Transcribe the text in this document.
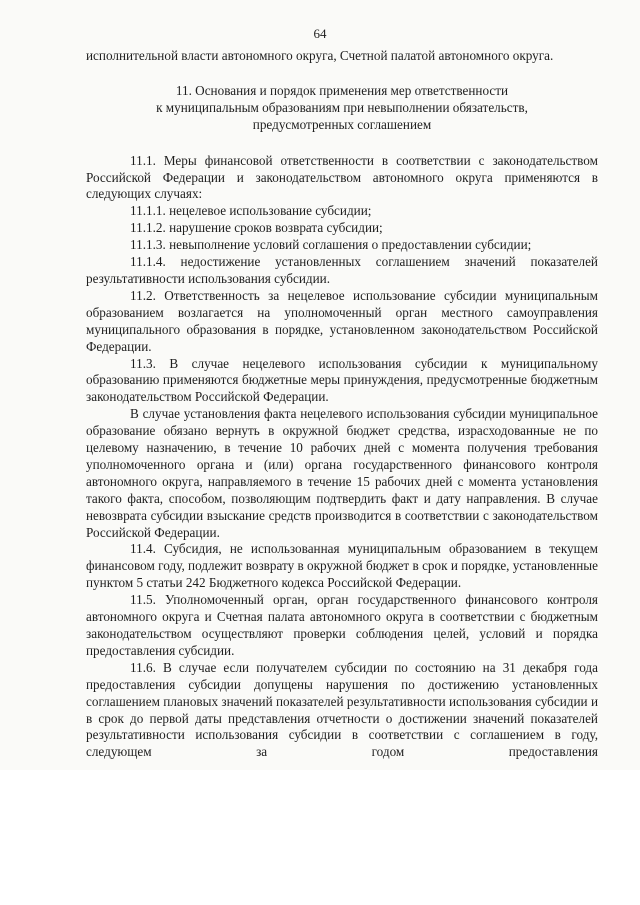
64

исполнительной власти автономного округа, Счетной палатой автономного округа.

11. Основания и порядок применения мер ответственности
к муниципальным образованиям при невыполнении обязательств,
предусмотренных соглашением

11.1. Меры финансовой ответственности в соответствии с законодательством Российской Федерации и законодательством автономного округа применяются в следующих случаях:

11.1.1. нецелевое использование субсидии;

11.1.2. нарушение сроков возврата субсидии;

11.1.3. невыполнение условий соглашения о предоставлении субсидии;

11.1.4. недостижение установленных соглашением значений показателей результативности использования субсидии.

11.2. Ответственность за нецелевое использование субсидии муниципальным образованием возлагается на уполномоченный орган местного самоуправления муниципального образования в порядке, установленном законодательством Российской Федерации.

11.3. В случае нецелевого использования субсидии к муниципальному образованию применяются бюджетные меры принуждения, предусмотренные бюджетным законодательством Российской Федерации.

В случае установления факта нецелевого использования субсидии муниципальное образование обязано вернуть в окружной бюджет средства, израсходованные не по целевому назначению, в течение 10 рабочих дней с момента получения требования уполномоченного органа и (или) органа государственного финансового контроля автономного округа, направляемого в течение 15 рабочих дней с момента установления такого факта, способом, позволяющим подтвердить факт и дату направления. В случае невозврата субсидии взыскание средств производится в соответствии с законодательством Российской Федерации.

11.4. Субсидия, не использованная муниципальным образованием в текущем финансовом году, подлежит возврату в окружной бюджет в срок и порядке, установленные пунктом 5 статьи 242 Бюджетного кодекса Российской Федерации.

11.5. Уполномоченный орган, орган государственного финансового контроля автономного округа и Счетная палата автономного округа в соответствии с бюджетным законодательством осуществляют проверки соблюдения целей, условий и порядка предоставления субсидии.

11.6. В случае если получателем субсидии по состоянию на 31 декабря года предоставления субсидии допущены нарушения по достижению установленных соглашением плановых значений показателей результативности использования субсидии и в срок до первой даты представления отчетности о достижении значений показателей результативности использования субсидии в соответствии с соглашением в году, следующем за годом предоставления
